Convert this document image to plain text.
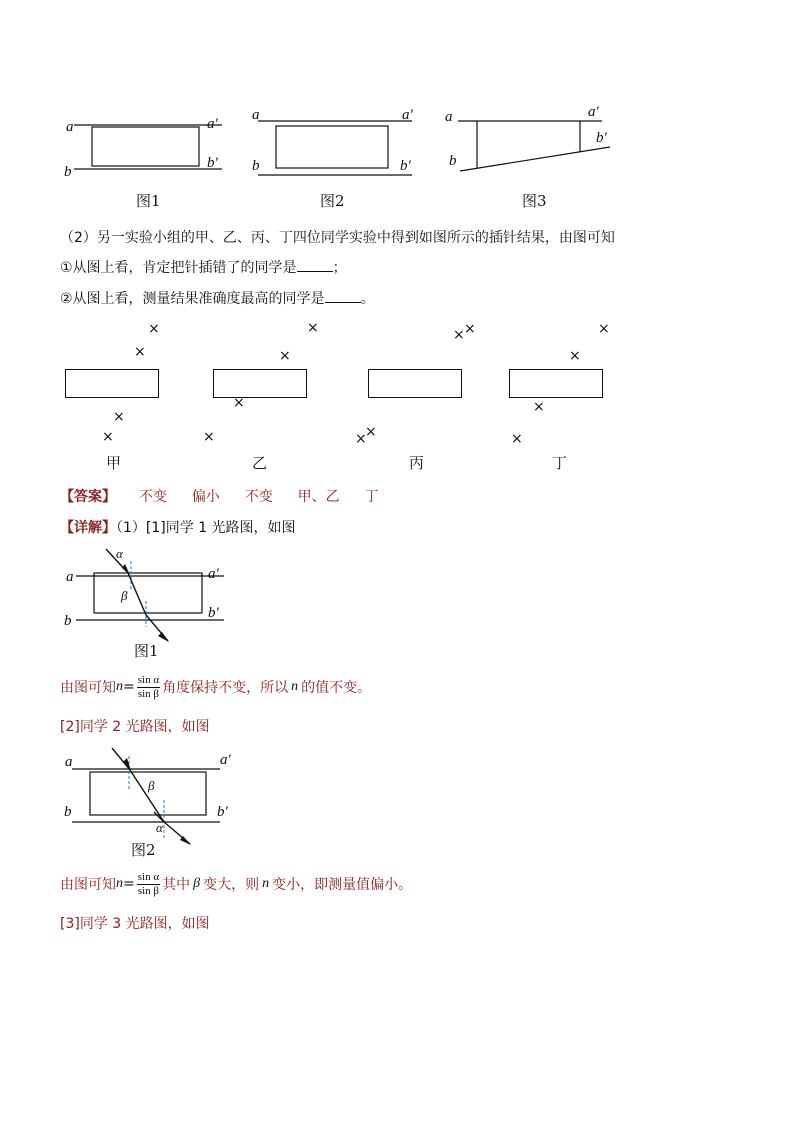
a	a′
b
b′
图1
a	a′
b	b′
图2
a	a′
b
b′
图3
（2）另一实验小组的甲、乙、丙、丁四位同学实验中得到如图所示的插针结果，由图可知
①从图上看，肯定把针插错了的同学是	；
②从图上看，测量结果准确度最高的同学是	。
×
×
×
×
×
×
×
×
× ×
×
×
×
×
×
×
甲	乙	丙	丁
【答案】 不变 偏小 不变 甲、乙 丁
【详解】（1）[1]同学 1 光路图，如图
α
β
a	a′
b	b′
图1
由图可知 $n = \frac{\text{sin α}}{\text{sin β}}$ 角度保持不变，所以 n 的值不变。
[2]同学 2 光路图，如图
β
α
a	a′
b	b′
图2
由图可知 $n = \frac{\text{sin α}}{\text{sin β}}$ 其中 β 变大，则 n 变小，即测量值偏小。
[3]同学 3 光路图，如图
